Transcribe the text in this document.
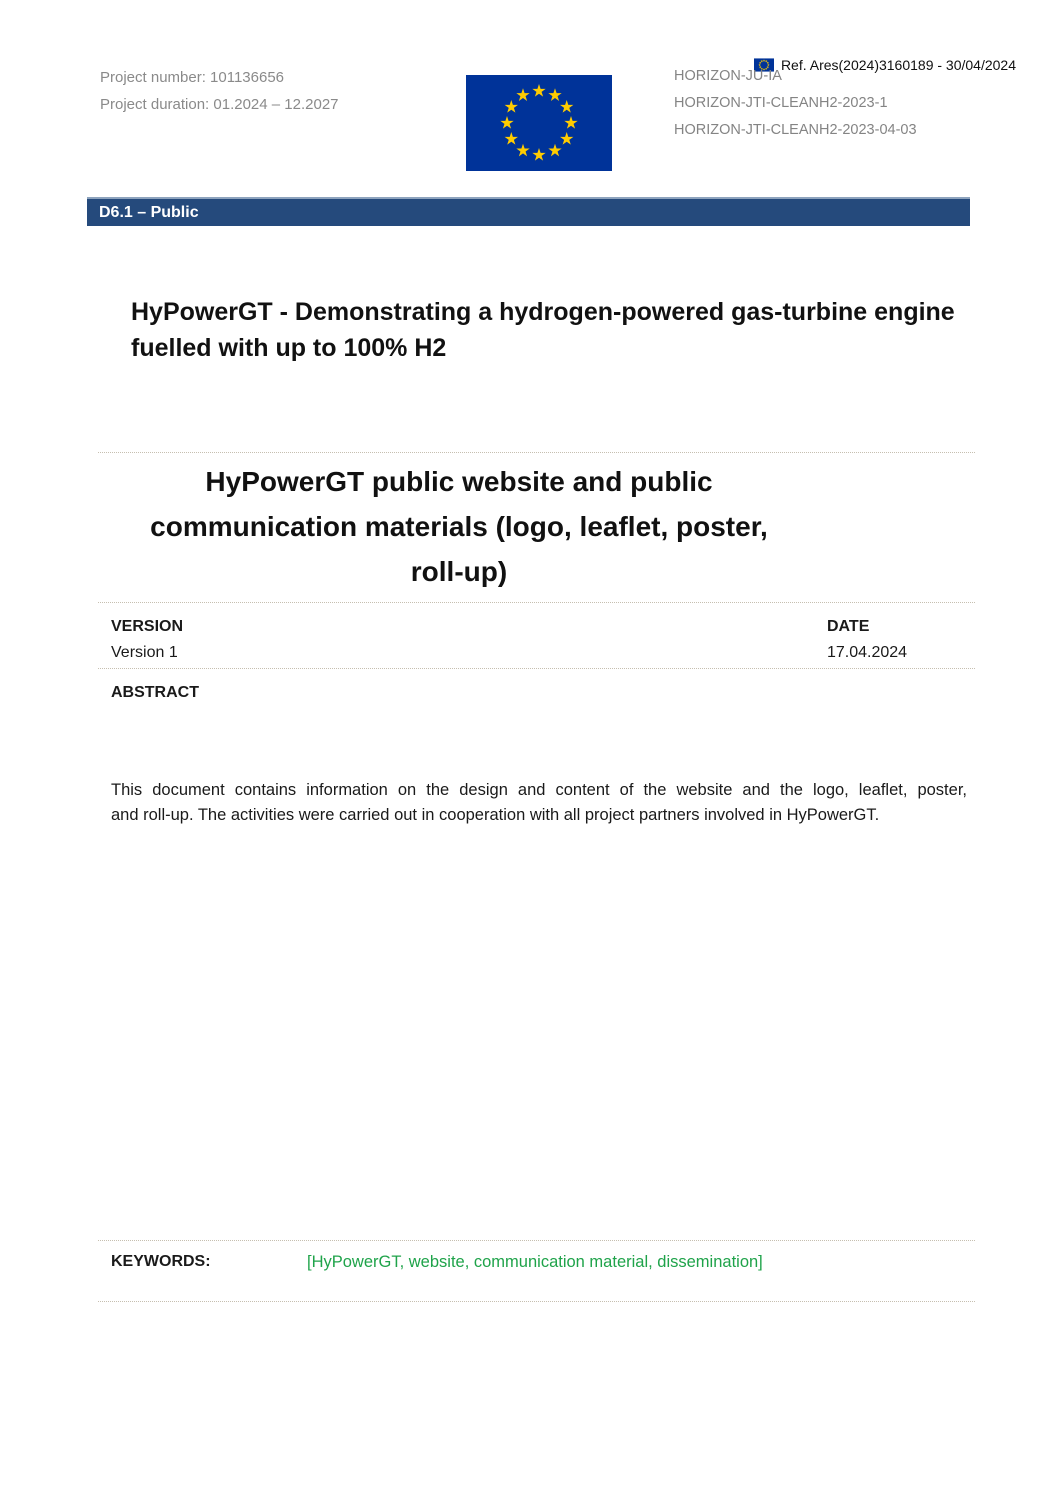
Project number: 101136656
Project duration: 01.2024 – 12.2027
Ref. Ares(2024)3160189 - 30/04/2024
HORIZON-JU-IA
HORIZON-JTI-CLEANH2-2023-1
HORIZON-JTI-CLEANH2-2023-04-03
D6.1 – Public
HyPowerGT - Demonstrating a hydrogen-powered gas-turbine engine
fuelled with up to 100% H2
HyPowerGT public website and public
communication materials (logo, leaflet, poster,
roll-up)
VERSION
Version 1
DATE
17.04.2024
ABSTRACT
This document contains information on the design and content of the website and the logo, leaflet, poster,
and roll-up. The activities were carried out in cooperation with all project partners involved in HyPowerGT.
KEYWORDS:	[HyPowerGT, website, communication material, dissemination]
